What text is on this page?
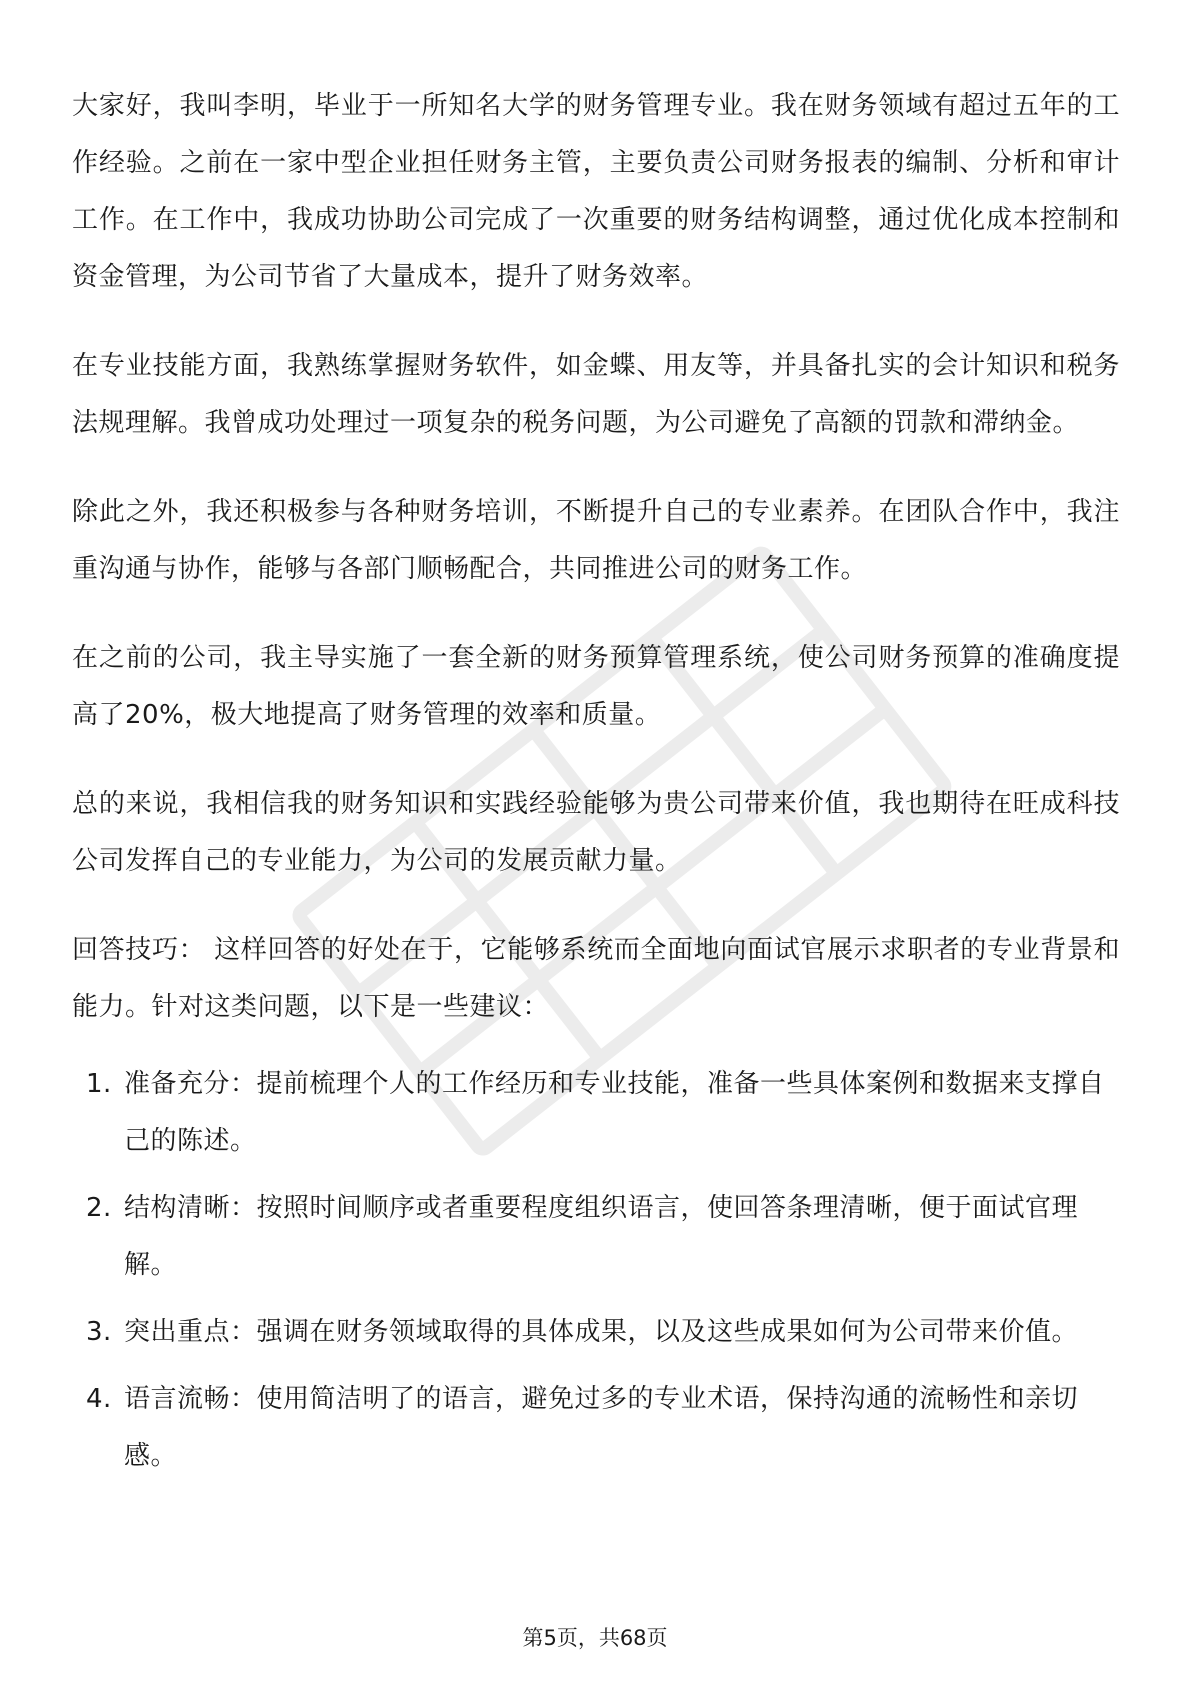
大家好，我叫李明，毕业于一所知名大学的财务管理专业。我在财务领域有超过五年的工作经验。之前在一家中型企业担任财务主管，主要负责公司财务报表的编制、分析和审计工作。在工作中，我成功协助公司完成了一次重要的财务结构调整，通过优化成本控制和资金管理，为公司节省了大量成本，提升了财务效率。

在专业技能方面，我熟练掌握财务软件，如金蝶、用友等，并具备扎实的会计知识和税务法规理解。我曾成功处理过一项复杂的税务问题，为公司避免了高额的罚款和滞纳金。

除此之外，我还积极参与各种财务培训，不断提升自己的专业素养。在团队合作中，我注重沟通与协作，能够与各部门顺畅配合，共同推进公司的财务工作。

在之前的公司，我主导实施了一套全新的财务预算管理系统，使公司财务预算的准确度提高了20%，极大地提高了财务管理的效率和质量。

总的来说，我相信我的财务知识和实践经验能够为贵公司带来价值，我也期待在旺成科技公司发挥自己的专业能力，为公司的发展贡献力量。

回答技巧： 这样回答的好处在于，它能够系统而全面地向面试官展示求职者的专业背景和能力。针对这类问题，以下是一些建议：

1. 准备充分：提前梳理个人的工作经历和专业技能，准备一些具体案例和数据来支撑自己的陈述。
2. 结构清晰：按照时间顺序或者重要程度组织语言，使回答条理清晰，便于面试官理解。
3. 突出重点：强调在财务领域取得的具体成果，以及这些成果如何为公司带来价值。
4. 语言流畅：使用简洁明了的语言，避免过多的专业术语，保持沟通的流畅性和亲切感。
第5页，共68页
